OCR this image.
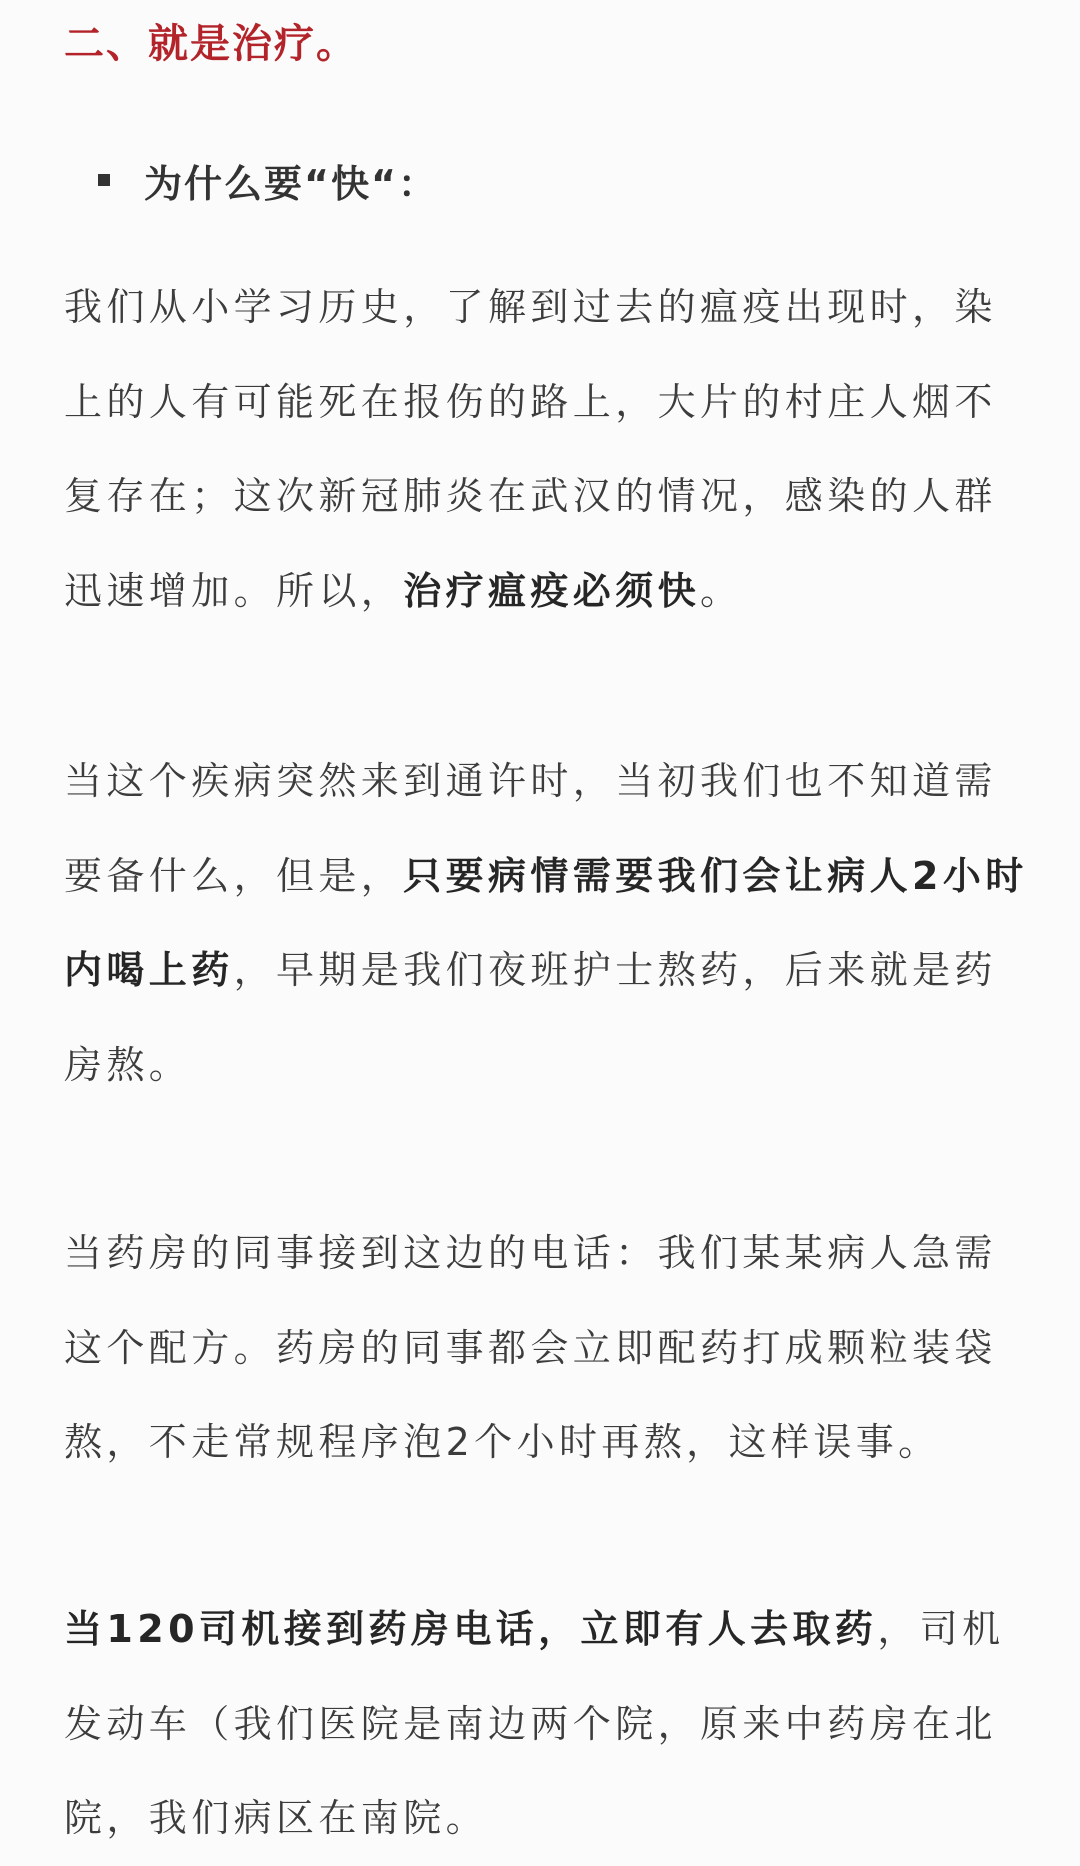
二、就是治疗。
为什么要“快“：

我们从小学习历史，了解到过去的瘟疫出现时，染
上的人有可能死在报伤的路上，大片的村庄人烟不
复存在；这次新冠肺炎在武汉的情况，感染的人群
迅速增加。所以，治疗瘟疫必须快。

当这个疾病突然来到通许时，当初我们也不知道需
要备什么，但是，只要病情需要我们会让病人2小时
内喝上药，早期是我们夜班护士熬药，后来就是药
房熬。

当药房的同事接到这边的电话：我们某某病人急需
这个配方。药房的同事都会立即配药打成颗粒装袋
熬，不走常规程序泡2个小时再熬，这样误事。

当120司机接到药房电话，立即有人去取药，司机
发动车（我们医院是南边两个院，原来中药房在北
院，我们病区在南院。
